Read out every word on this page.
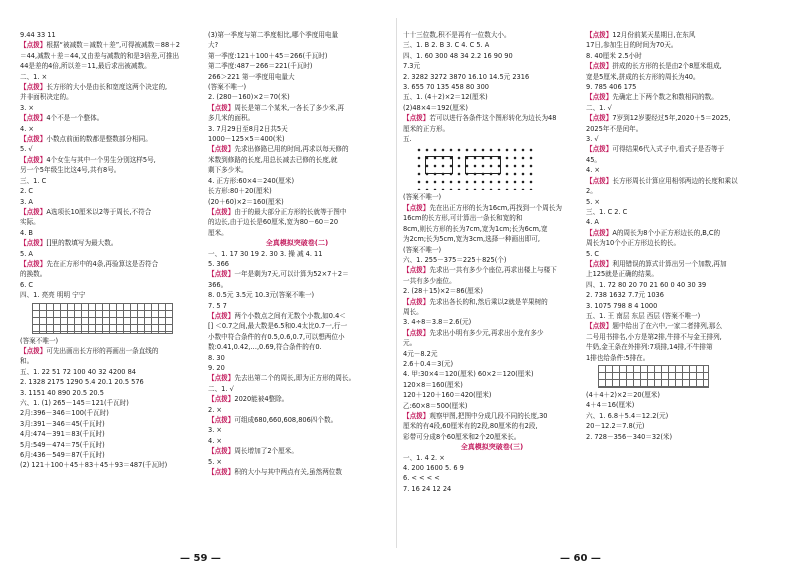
9.44 33 11
【点拨】根据“被减数＝减数＋差”,可得被减数＝88＋2
＝44,减数＋差＝44,又由差与减数的和是3倍差,可推出
44是差的4倍,所以差＝11,最后求出被减数。
二、1. ×
【点拨】长方形的大小是由长和宽度这两个决定的,
并非面积决定的。
3. ×
【点拨】4个不是一个整体。
4. ×
【点拨】小数点前面的数都是整数部分相同。
5. √
【点拨】4个女生与其中一个男生分别这样5号,
另一个5年级生比这4号,共有8号。
三、1. C
2. C
3. A
【点拨】A选项长10厘米以2等于周长,不符合
实际。
4. B
【点拨】[]里的数填写为最大数。
5. A
【点拨】先在正方形中的4条,再验算这是否符合
的换数。
6. C
四、1. 亮亮 明明 宁宁
(答案不唯一)
【点拨】可先出画出长方形的再画出一条直线的
和。
五、1. 22 51 72 100 40 32 4200 84
2. 1328 2175 1290 5.4 20.1 20.5 576
3. 1151 40 890 20.5 20.5
六、1. (1) 265－145＝121(千瓦时)
2月:396－346＝100(千瓦时)
3月:391－346＝45(千瓦时)
4月:474－391＝83(千瓦时)
5月:549－474＝75(千瓦时)
6月:436－549＝87(千瓦时)
(2) 121＋100＋45＋83＋45＋93＝487(千瓦时)
(3)第一季度与第二季度相比,哪个季度用电量
大?
第一季度:121＋100＋45＝266(千瓦时)
第二季度:487－266＝221(千瓦时)
266＞221 第一季度用电量大
(答案不唯一)
2. (280－160)×2＝70(米)
【点拨】周长是第二个某米,一各长了多少米,再
多几米的面积。
3. 7月29日至8月2日共5天
1000－125×5＝400(米)
【点拨】先求出修路已用的时间,再求以每天修的
米数到修路的长度,用总长减去已修的长度,就
剩下多少米。
4. 正方形:60×4＝240(厘米)
长方形:80＋20(厘米)
(20＋60)×2＝160(厘米)
【点拨】由于的最大部分正方形的长就等于图中
的边长,由于边长是60厘米,宽为80－60＝20
厘米。
全真模拟突破卷(二)
一、1. 17 30 19 2. 30 3. 操 减 4. 11
5. 366
【点拨】一年是剩为7天,可以计算为52×7＋2＝
366。
8. 0.5元 3.5元 10.3元(答案不唯一)
7. 5 7
【点拨】两个小数点之间有无数个小数,如0.4＜
[] ＜0.7之间,最大数是6.5和0.4太比0.7一,行一
小数中符合条件的有0.5,0.6,0.7,可以想两位小
数:0.41,0.42,…,0.69,符合条件的有0.
8. 30
9. 20
【点拨】先去出第二个的周长,即为正方形的周长。
二、1. √
【点拨】2020能被4整除。
2. ×
【点拨】可组成680,660,608,806四个数。
3. ×
4. ×
【点拨】周长增加了2个厘米。
5. ×
【点拨】积的大小与其中两点有关,虽然两位数
十十三位数,积不是再有一位数大小。
三、1. B 2. B 3. C 4. C 5. A
四、1. 60 300 48 34 2.2 16 90 90
7.3元
2. 3282 3272 3870 16.10 14.5元 2316
3. 655 70 135 458 80 300
五、1. (4＋2)×2＝12(厘米)
(2)48×4＝192(厘米)
【点拨】若可以进行各条件这个图形转化为边长为48
厘米的正方形。
五.
(答案不唯一)
【点拨】先在出正方形的长为16cm,再找到一个周长为
16cm的长方形,可计算出一条长和宽的和
8cm,则长方形的长为7cm,宽为1cm;长为6cm,宽
为2cm;长为5cm,宽为3cm,选择一种画出即可,
(答案不唯一)
六、1. 255－375＝225＋825(个)
【点拨】先求出一共有多少个座位,再求出楼上与楼下
一共有多少座位。
2. (28＋15)×2＝86(厘米)
【点拨】先求出各长的和,然后乘以2就是苹果树的
周长。
3. 4÷8＝3.8＝2.6(元)
【点拨】先求出小明有多少元,再求出小龙有多少
元。
4元－8.2元
2.6＋0.4＝3(元)
4. 甲:30×4＝120(厘米) 60×2＝120(厘米)
120×8＝160(厘米)
120＋120＋160＝420(厘米)
乙:60×8＝500(厘米)
【点拨】观察甲图,把图中分成几段不同的长度,30
厘米的有4段,60厘米有的2段,80厘米的有2段,
彩带可分成8个60厘米和2个20厘米长。
全真模拟突破卷(三)
一、1. 4 2. ×
4. 200 1600 5. 6 9
6. < < < <
7. 16 24 12 24
【点拨】12月份前某天星期日,在东风
17日,参加生日的时间为70天。
8. 40厘米 2.5小时
【点拨】拼成的长方形的长是由2个8厘米组成,
宽是5厘米,拼成的长方形的周长为40。
9. 785 406 175
【点拨】先确定上下两个数之和数相同的数。
二、1. √
【点拨】7岁到12岁要经过5年,2020＋5＝2025,
2025年不是闰年。
3. √
【点拨】可得结果6代入式子中,看式子是否等于
45。
4. ×
【点拨】长方形周长计算应用相邻两边的长度和乘以
2。
5. ×
三、1. C 2. C
4. A
【点拨】A的周长为8个小正方形边长的,B,C的
周长为10个小正方形边长的长。
5. C
【点拨】利用错误的算式计算出另一个加数,再加
上125就是正确的结果。
四、1. 72 80 20 70 21 60 0 40 30 39
2. 738 1632 7.7元 1036
3. 1075 798 8 4 1000
五、1. 王 南层 东层 西层 (答案不唯一)
【点拨】题中给出了在六中,一家二者排列,那么
二号用书排名,小方是第2排,牛排不与金王排列,
牛奶,金王条在外排列:7项排,14排,不牛排第
1排也给条件:5排在。
(4＋4＋2)×2＝20(厘米)
4＋4＝16(厘米)
六、1. 6.8＋5.4＝12.2(元)
20－12.2＝7.8(元)
2. 728－356－340＝32(米)
— 59 —	— 60 —
